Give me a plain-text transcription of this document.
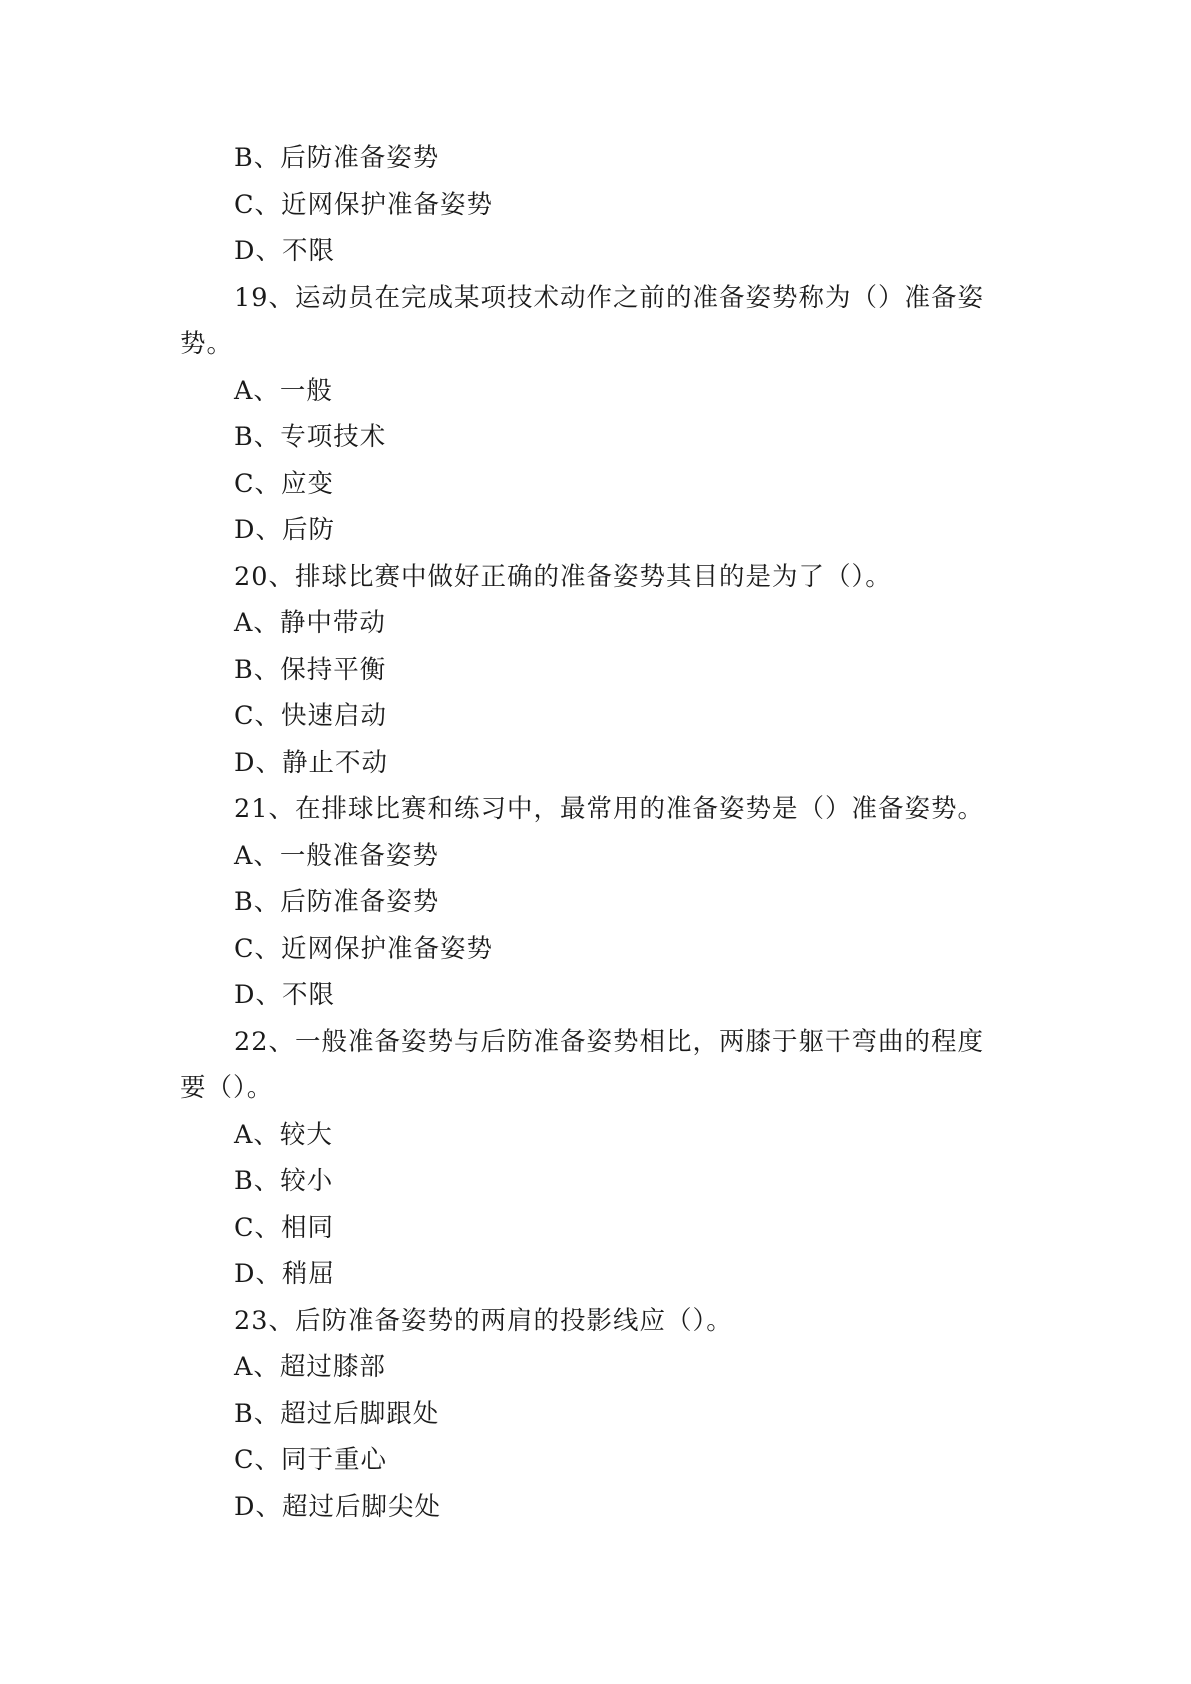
B、后防准备姿势
C、近网保护准备姿势
D、不限
19、运动员在完成某项技术动作之前的准备姿势称为（）准备姿
势。
A、一般
B、专项技术
C、应变
D、后防
20、排球比赛中做好正确的准备姿势其目的是为了（）。
A、静中带动
B、保持平衡
C、快速启动
D、静止不动
21、在排球比赛和练习中，最常用的准备姿势是（）准备姿势。
A、一般准备姿势
B、后防准备姿势
C、近网保护准备姿势
D、不限
22、一般准备姿势与后防准备姿势相比，两膝于躯干弯曲的程度
要（）。
A、较大
B、较小
C、相同
D、稍屈
23、后防准备姿势的两肩的投影线应（）。
A、超过膝部
B、超过后脚跟处
C、同于重心
D、超过后脚尖处
